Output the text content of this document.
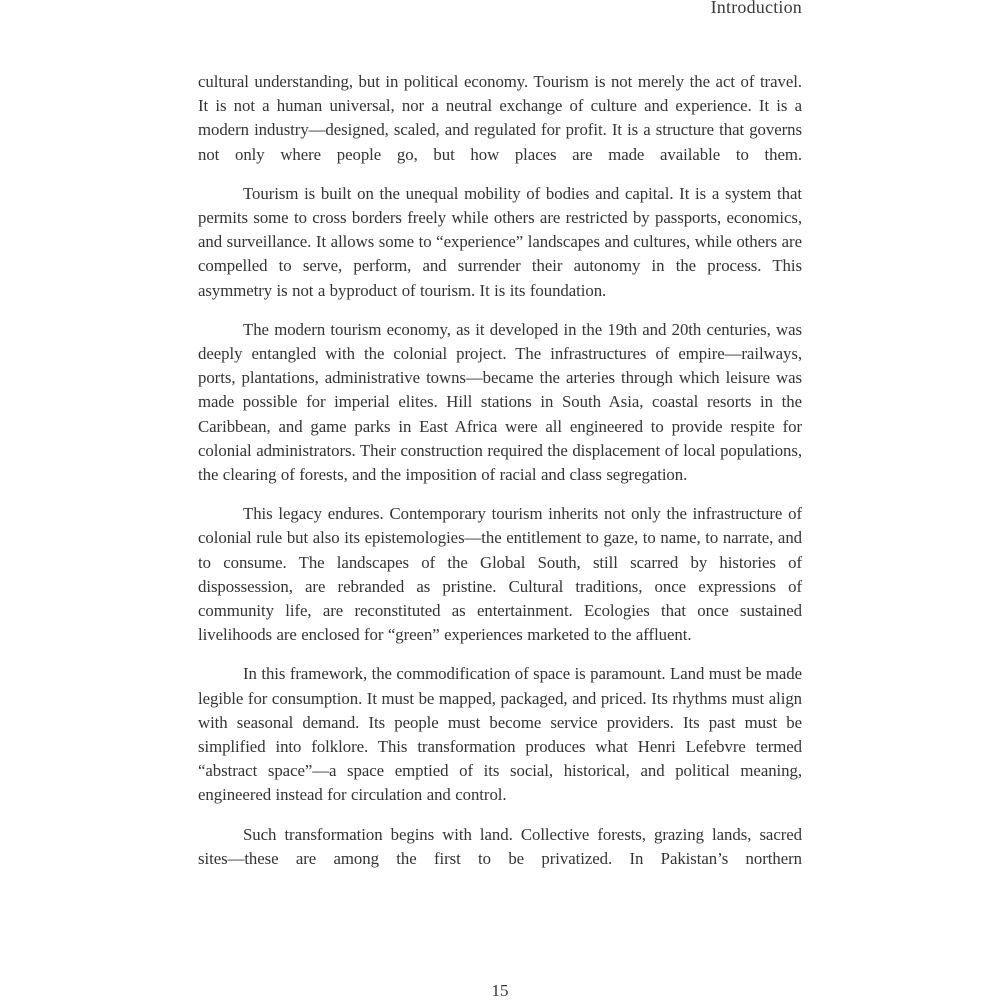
Introduction

cultural understanding, but in political economy. Tourism is not merely the act of travel. It is not a human universal, nor a neutral exchange of culture and experience. It is a modern industry—designed, scaled, and regulated for profit. It is a structure that governs not only where people go, but how places are made available to them.

Tourism is built on the unequal mobility of bodies and capital. It is a system that permits some to cross borders freely while others are restricted by passports, economics, and surveillance. It allows some to “experience” landscapes and cultures, while others are compelled to serve, perform, and surrender their autonomy in the process. This asymmetry is not a byproduct of tourism. It is its foundation.

The modern tourism economy, as it developed in the 19th and 20th centuries, was deeply entangled with the colonial project. The infrastructures of empire—railways, ports, plantations, administrative towns—became the arteries through which leisure was made possible for imperial elites. Hill stations in South Asia, coastal resorts in the Caribbean, and game parks in East Africa were all engineered to provide respite for colonial administrators. Their construction required the displacement of local populations, the clearing of forests, and the imposition of racial and class segregation.

This legacy endures. Contemporary tourism inherits not only the infrastructure of colonial rule but also its epistemologies—the entitlement to gaze, to name, to narrate, and to consume. The landscapes of the Global South, still scarred by histories of dispossession, are rebranded as pristine. Cultural traditions, once expressions of community life, are reconstituted as entertainment. Ecologies that once sustained livelihoods are enclosed for “green” experiences marketed to the affluent.

In this framework, the commodification of space is paramount. Land must be made legible for consumption. It must be mapped, packaged, and priced. Its rhythms must align with seasonal demand. Its people must become service providers. Its past must be simplified into folklore. This transformation produces what Henri Lefebvre termed “abstract space”—a space emptied of its social, historical, and political meaning, engineered instead for circulation and control.

Such transformation begins with land. Collective forests, grazing lands, sacred sites—these are among the first to be privatized. In Pakistan’s northern

15
